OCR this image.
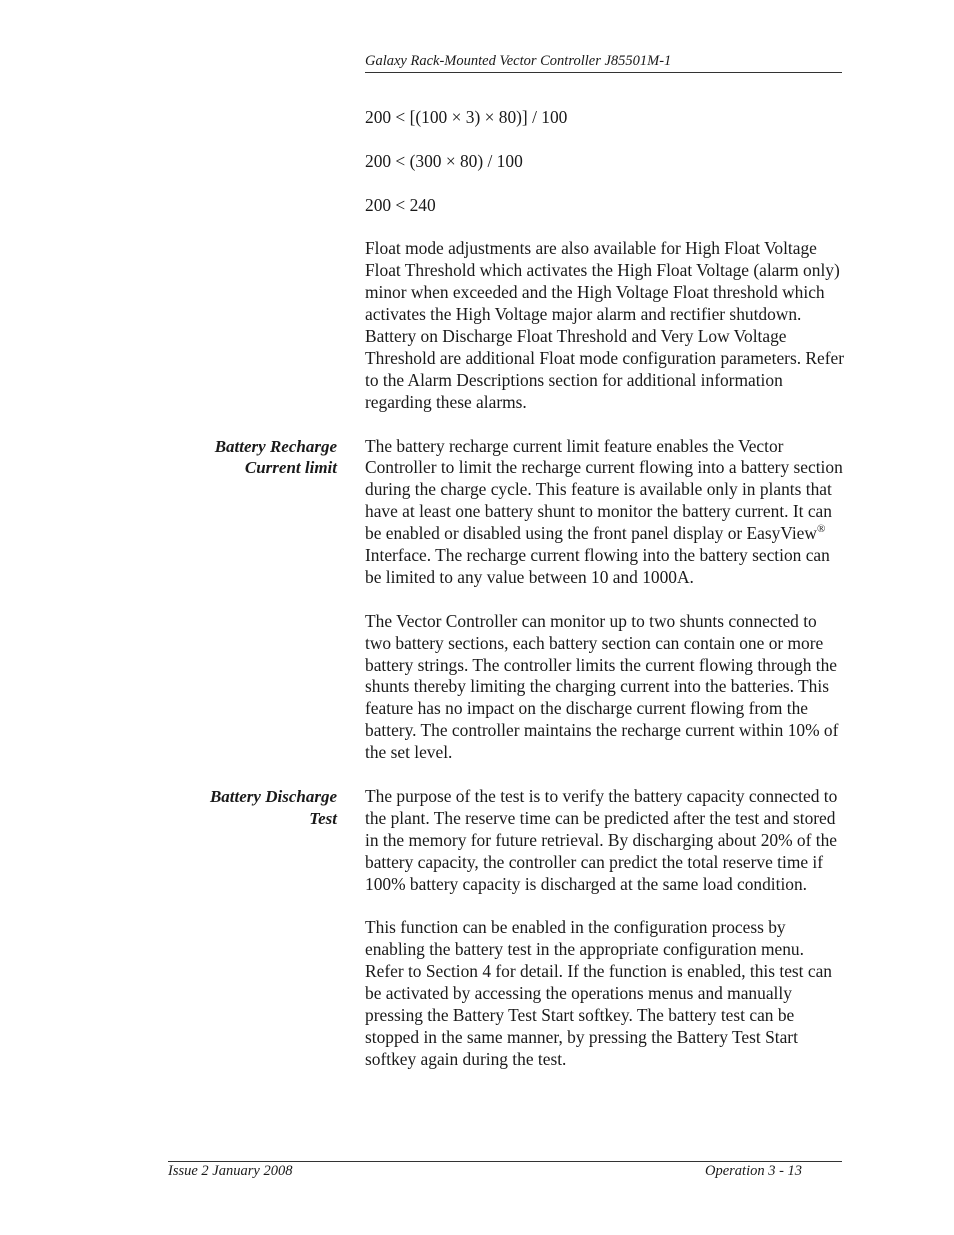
Galaxy Rack-Mounted Vector Controller J85501M-1

200 < [(100 × 3) × 80)] / 100

200 < (300 × 80) / 100

200 < 240

Float mode adjustments are also available for High Float Voltage Float Threshold which activates the High Float Voltage (alarm only) minor when exceeded and the High Voltage Float threshold which activates the High Voltage major alarm and rectifier shutdown. Battery on Discharge Float Threshold and Very Low Voltage Threshold are additional Float mode configuration parameters. Refer to the Alarm Descriptions section for additional information regarding these alarms.

Battery Recharge
Current limit

The battery recharge current limit feature enables the Vector Controller to limit the recharge current flowing into a battery section during the charge cycle. This feature is available only in plants that have at least one battery shunt to monitor the battery current. It can be enabled or disabled using the front panel display or EasyView® Interface. The recharge current flowing into the battery section can be limited to any value between 10 and 1000A.

The Vector Controller can monitor up to two shunts connected to two battery sections, each battery section can contain one or more battery strings. The controller limits the current flowing through the shunts thereby limiting the charging current into the batteries. This feature has no impact on the discharge current flowing from the battery. The controller maintains the recharge current within 10% of the set level.

Battery Discharge
Test

The purpose of the test is to verify the battery capacity connected to the plant. The reserve time can be predicted after the test and stored in the memory for future retrieval. By discharging about 20% of the battery capacity, the controller can predict the total reserve time if 100% battery capacity is discharged at the same load condition.

This function can be enabled in the configuration process by enabling the battery test in the appropriate configuration menu. Refer to Section 4 for detail. If the function is enabled, this test can be activated by accessing the operations menus and manually pressing the Battery Test Start softkey. The battery test can be stopped in the same manner, by pressing the Battery Test Start softkey again during the test.

Issue 2 January 2008	Operation 3 - 13
